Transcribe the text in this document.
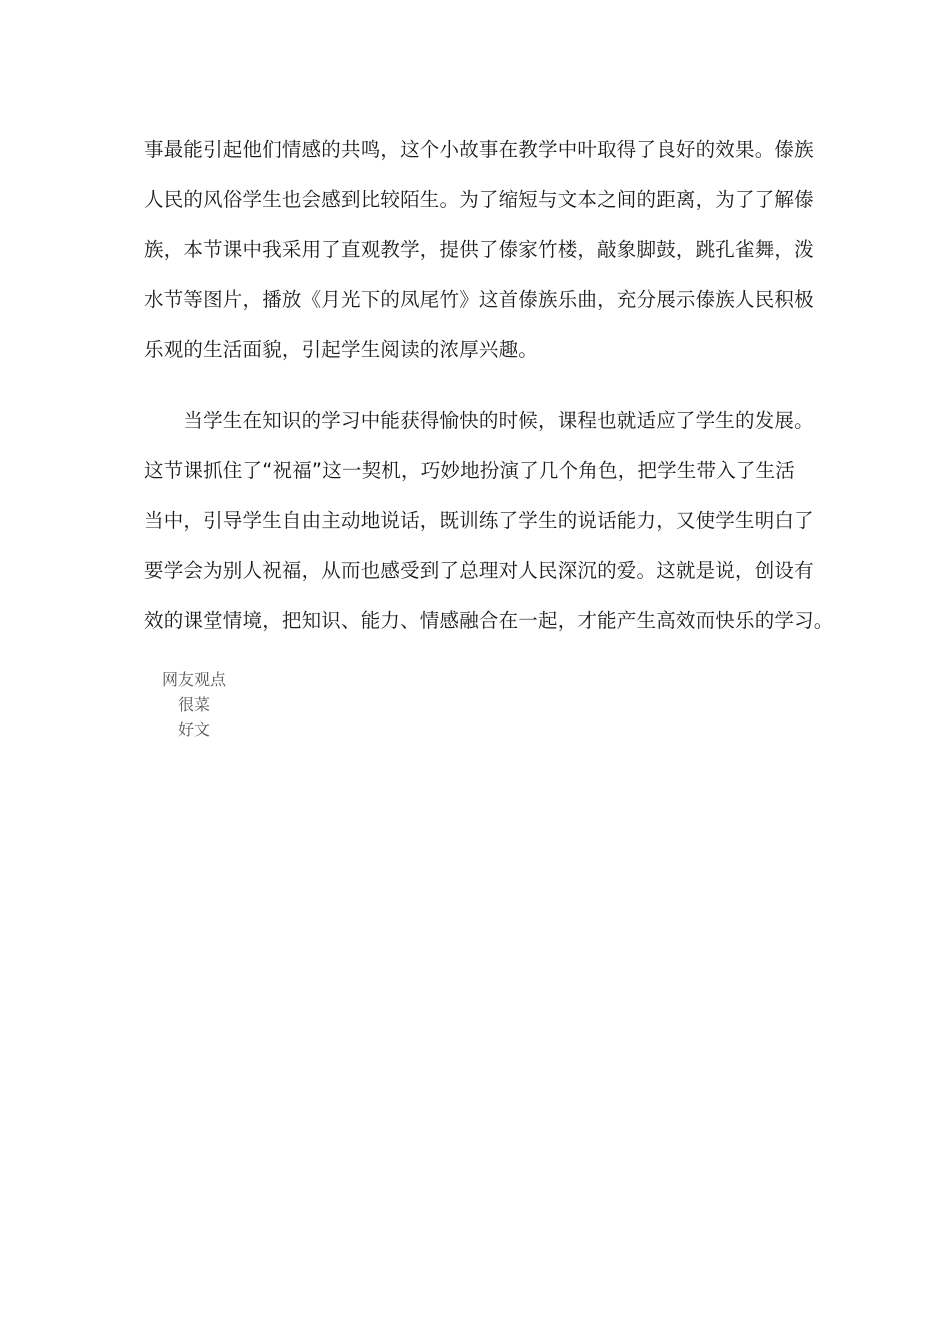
事最能引起他们情感的共鸣，这个小故事在教学中叶取得了良好的效果。傣族
人民的风俗学生也会感到比较陌生。为了缩短与文本之间的距离，为了了解傣
族，本节课中我采用了直观教学，提供了傣家竹楼，敲象脚鼓，跳孔雀舞，泼
水节等图片，播放《月光下的凤尾竹》这首傣族乐曲，充分展示傣族人民积极
乐观的生活面貌，引起学生阅读的浓厚兴趣。

　　当学生在知识的学习中能获得愉快的时候，课程也就适应了学生的发展。
这节课抓住了“祝福”这一契机，巧妙地扮演了几个角色，把学生带入了生活
当中，引导学生自由主动地说话，既训练了学生的说话能力，又使学生明白了
要学会为别人祝福，从而也感受到了总理对人民深沉的爱。这就是说，创设有
效的课堂情境，把知识、能力、情感融合在一起，才能产生高效而快乐的学习。

网友观点
很菜
好文
